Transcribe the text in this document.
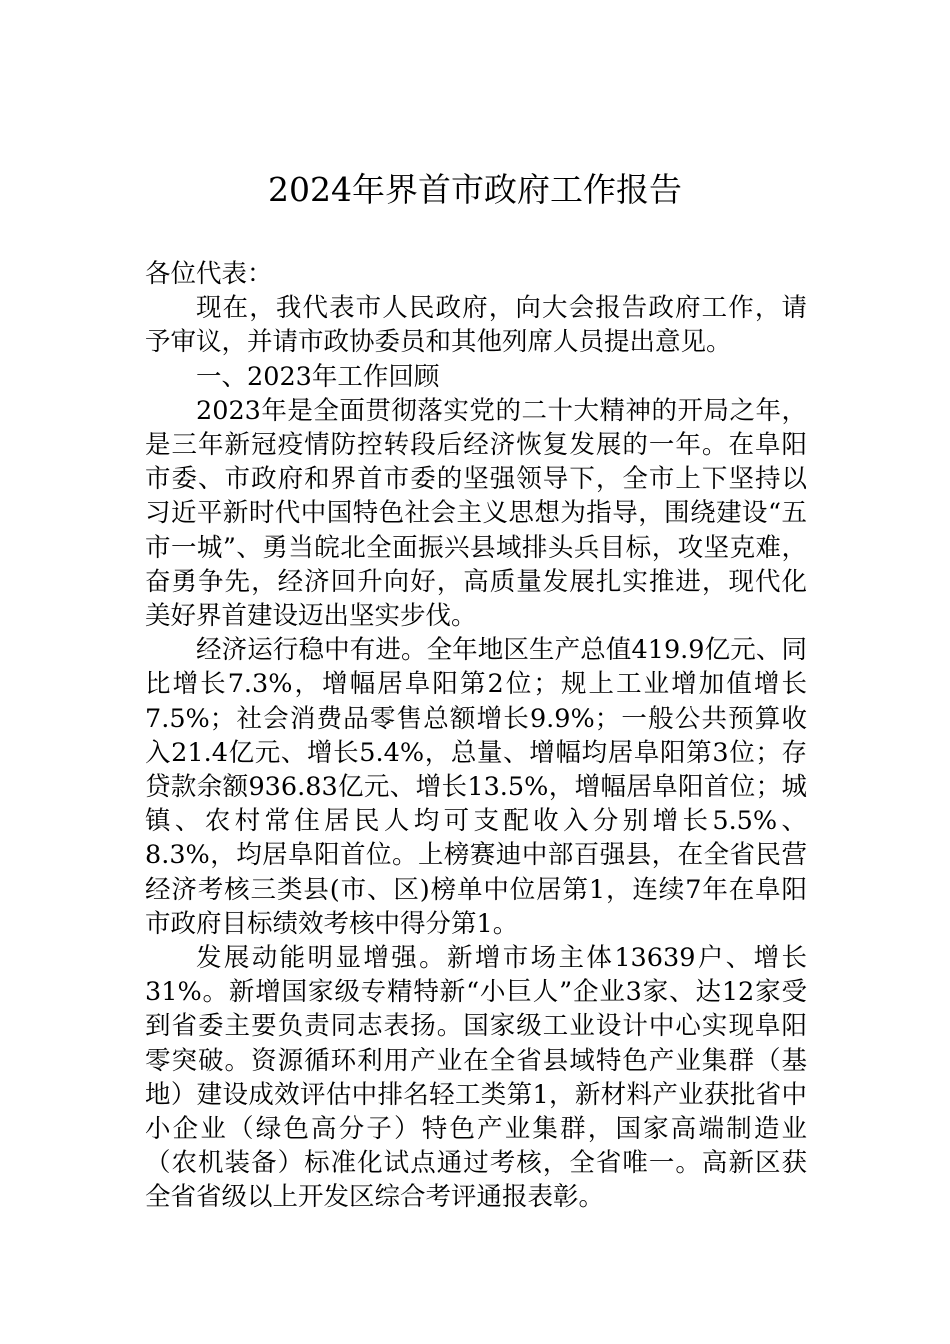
2024年界首市政府工作报告

各位代表：

现在，我代表市人民政府，向大会报告政府工作，请予审议，并请市政协委员和其他列席人员提出意见。

一、2023年工作回顾

2023年是全面贯彻落实党的二十大精神的开局之年，是三年新冠疫情防控转段后经济恢复发展的一年。在阜阳市委、市政府和界首市委的坚强领导下，全市上下坚持以习近平新时代中国特色社会主义思想为指导，围绕建设“五市一城”、勇当皖北全面振兴县域排头兵目标，攻坚克难，奋勇争先，经济回升向好，高质量发展扎实推进，现代化美好界首建设迈出坚实步伐。

经济运行稳中有进。全年地区生产总值419.9亿元、同比增长7.3%，增幅居阜阳第2位；规上工业增加值增长7.5%；社会消费品零售总额增长9.9%；一般公共预算收入21.4亿元、增长5.4%，总量、增幅均居阜阳第3位；存贷款余额936.83亿元、增长13.5%，增幅居阜阳首位；城镇、农村常住居民人均可支配收入分别增长5.5%、8.3%，均居阜阳首位。上榜赛迪中部百强县，在全省民营经济考核三类县(市、区)榜单中位居第1，连续7年在阜阳市政府目标绩效考核中得分第1。

发展动能明显增强。新增市场主体13639户、增长31%。新增国家级专精特新“小巨人”企业3家、达12家受到省委主要负责同志表扬。国家级工业设计中心实现阜阳零突破。资源循环利用产业在全省县域特色产业集群（基地）建设成效评估中排名轻工类第1，新材料产业获批省中小企业（绿色高分子）特色产业集群，国家高端制造业（农机装备）标准化试点通过考核，全省唯一。高新区获全省省级以上开发区综合考评通报表彰。
